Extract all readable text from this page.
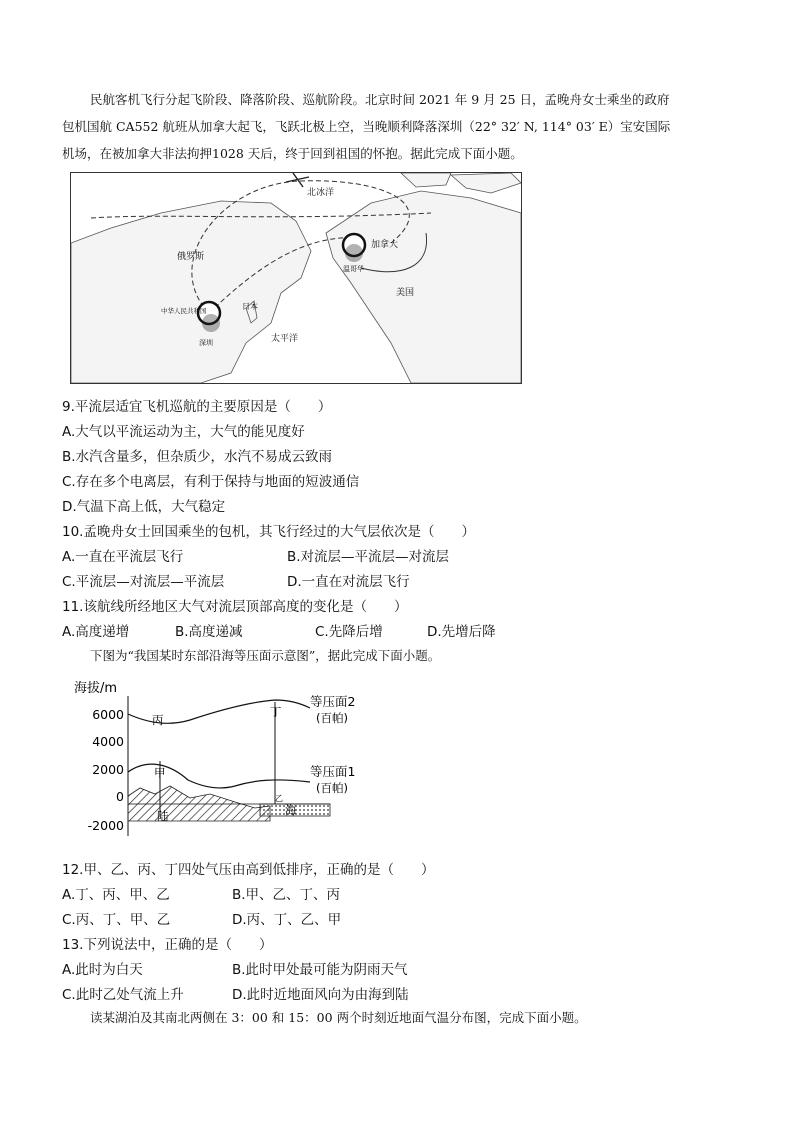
民航客机飞行分起飞阶段、降落阶段、巡航阶段。北京时间 2021 年 9 月 25 日，孟晚舟女士乘坐的政府
包机国航 CA552 航班从加拿大起飞，飞跃北极上空，当晚顺利降落深圳（22° 32′ N, 114° 03′ E）宝安国际
机场，在被加拿大非法拘押1028 天后，终于回到祖国的怀抱。据此完成下面小题。
北冰洋
俄罗斯
加拿大
温哥华
美国
日本
太平洋
中华人民共和国
深圳
9.平流层适宜飞机巡航的主要原因是（　　）
A.大气以平流运动为主，大气的能见度好
B.水汽含量多，但杂质少，水汽不易成云致雨
C.存在多个电离层，有利于保持与地面的短波通信
D.气温下高上低，大气稳定
10.孟晚舟女士回国乘坐的包机，其飞行经过的大气层依次是（　　）
A.一直在平流层飞行	B.对流层—平流层—对流层
C.平流层—对流层—平流层	D.一直在对流层飞行
11.该航线所经地区大气对流层顶部高度的变化是（　　）
A.高度递增	B.高度递减	C.先降后增	D.先增后降
下图为“我国某时东部沿海等压面示意图”，据此完成下面小题。
海拔/m
6000
4000
2000
0
-2000
甲
乙
丙
丁
陆	海
等压面2
(百帕)
等压面1
(百帕)
12.甲、乙、丙、丁四处气压由高到低排序，正确的是（　　）
A.丁、丙、甲、乙	B.甲、乙、丁、丙
C.丙、丁、甲、乙	D.丙、丁、乙、甲
13.下列说法中，正确的是（　　）
A.此时为白天	B.此时甲处最可能为阴雨天气
C.此时乙处气流上升	D.此时近地面风向为由海到陆
读某湖泊及其南北两侧在 3：00 和 15：00 两个时刻近地面气温分布图，完成下面小题。
